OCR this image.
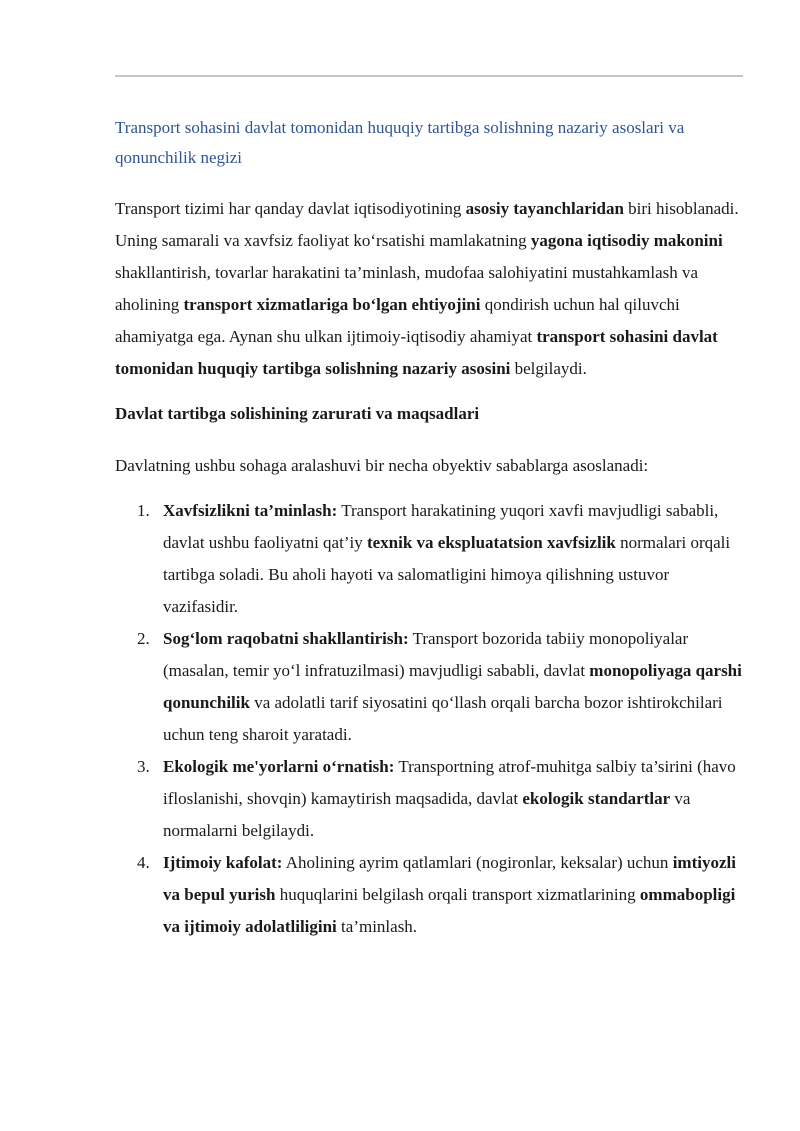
Transport sohasini davlat tomonidan huquqiy tartibga solishning nazariy asoslari va qonunchilik negizi

Transport tizimi har qanday davlat iqtisodiyotining asosiy tayanchlaridan biri hisoblanadi. Uning samarali va xavfsiz faoliyat ko‘rsatishi mamlakatning yagona iqtisodiy makonini shakllantirish, tovarlar harakatini ta’minlash, mudofaa salohiyatini mustahkamlash va aholining transport xizmatlariga bo‘lgan ehtiyojini qondirish uchun hal qiluvchi ahamiyatga ega. Aynan shu ulkan ijtimoiy-iqtisodiy ahamiyat transport sohasini davlat tomonidan huquqiy tartibga solishning nazariy asosini belgilaydi.

Davlat tartibga solishining zarurati va maqsadlari

Davlatning ushbu sohaga aralashuvi bir necha obyektiv sabablarga asoslanadi:

1. Xavfsizlikni ta’minlash: Transport harakatining yuqori xavfi mavjudligi sababli, davlat ushbu faoliyatni qat’iy texnik va ekspluatatsion xavfsizlik normalari orqali tartibga soladi. Bu aholi hayoti va salomatligini himoya qilishning ustuvor vazifasidir.
2. Sog‘lom raqobatni shakllantirish: Transport bozorida tabiiy monopoliyalar (masalan, temir yo‘l infratuzilmasi) mavjudligi sababli, davlat monopoliyaga qarshi qonunchilik va adolatli tarif siyosatini qo‘llash orqali barcha bozor ishtirokchilari uchun teng sharoit yaratadi.
3. Ekologik me'yorlarni o‘rnatish: Transportning atrof-muhitga salbiy ta’sirini (havo ifloslanishi, shovqin) kamaytirish maqsadida, davlat ekologik standartlar va normalarni belgilaydi.
4. Ijtimoiy kafolat: Aholining ayrim qatlamlari (nogironlar, keksalar) uchun imtiyozli va bepul yurish huquqlarini belgilash orqali transport xizmatlarining ommabopligi va ijtimoiy adolatliligini ta’minlash.
